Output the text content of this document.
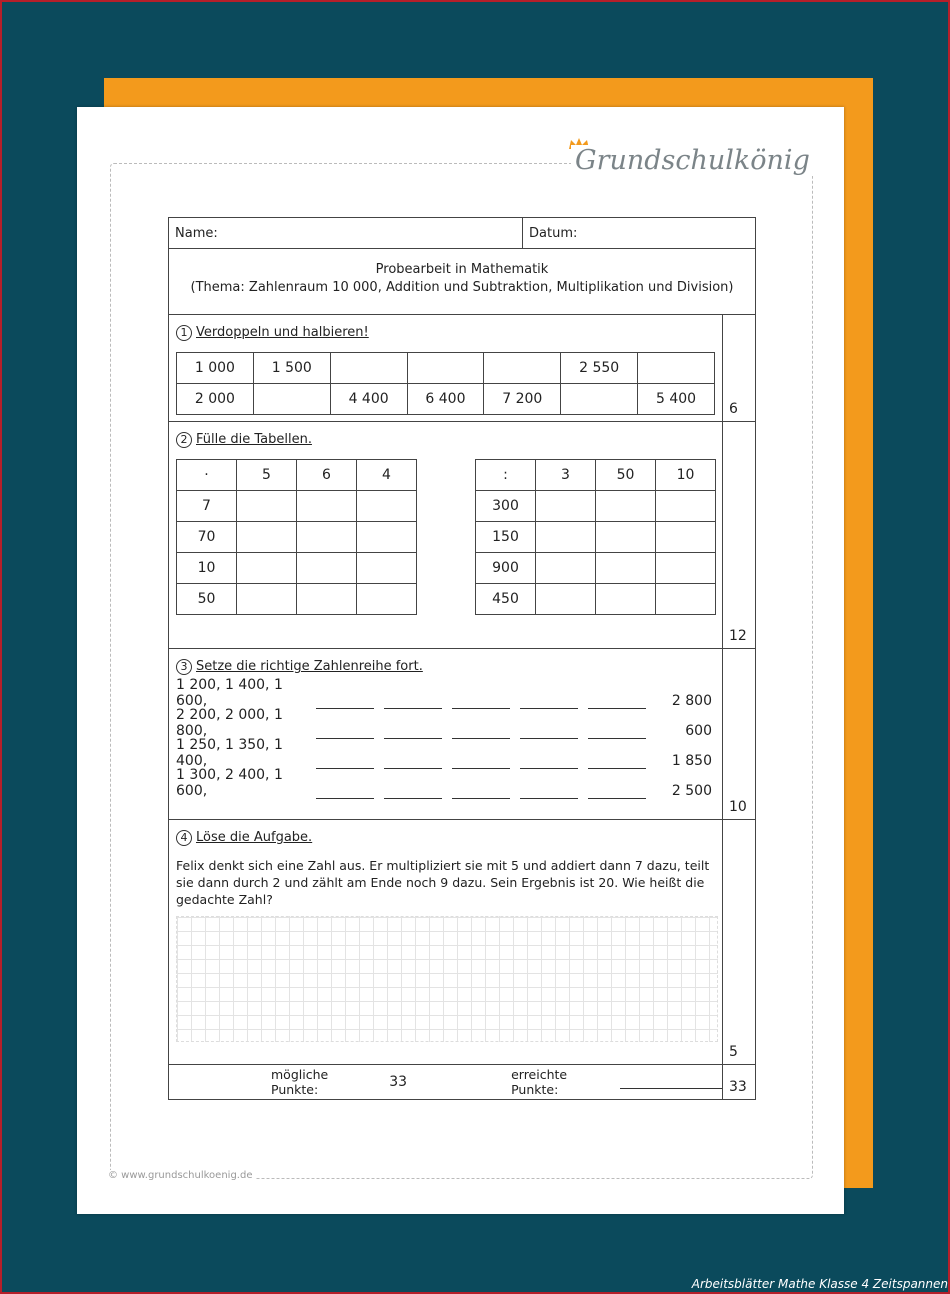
Grundschulkönig
© www.grundschulkoenig.de
Name:	Datum:
Probearbeit in Mathematik
(Thema: Zahlenraum 10 000, Addition und Subtraktion, Multiplikation und Division)
1 Verdoppeln und halbieren!
1 000	1 500				2 550	
2 000		4 400	6 400	7 200		5 400
6
2 Fülle die Tabellen.
·	5	6	4
7			
70			
10			
50			
:	3	50	10
300			
150			
900			
450			
12
3 Setze die richtige Zahlenreihe fort.
1 200, 1 400, 1 600,	2 800
2 200, 2 000, 1 800,	600
1 250, 1 350, 1 400,	1 850
1 300, 2 400, 1 600,	2 500
10
4 Löse die Aufgabe.
Felix denkt sich eine Zahl aus. Er multipliziert sie mit 5 und addiert dann 7 dazu, teilt sie dann durch 2 und zählt am Ende noch 9 dazu. Sein Ergebnis ist 20. Wie heißt die gedachte Zahl?
5
mögliche Punkte:	33	erreichte Punkte:	33
Arbeitsblätter Mathe Klasse 4 Zeitspannen
